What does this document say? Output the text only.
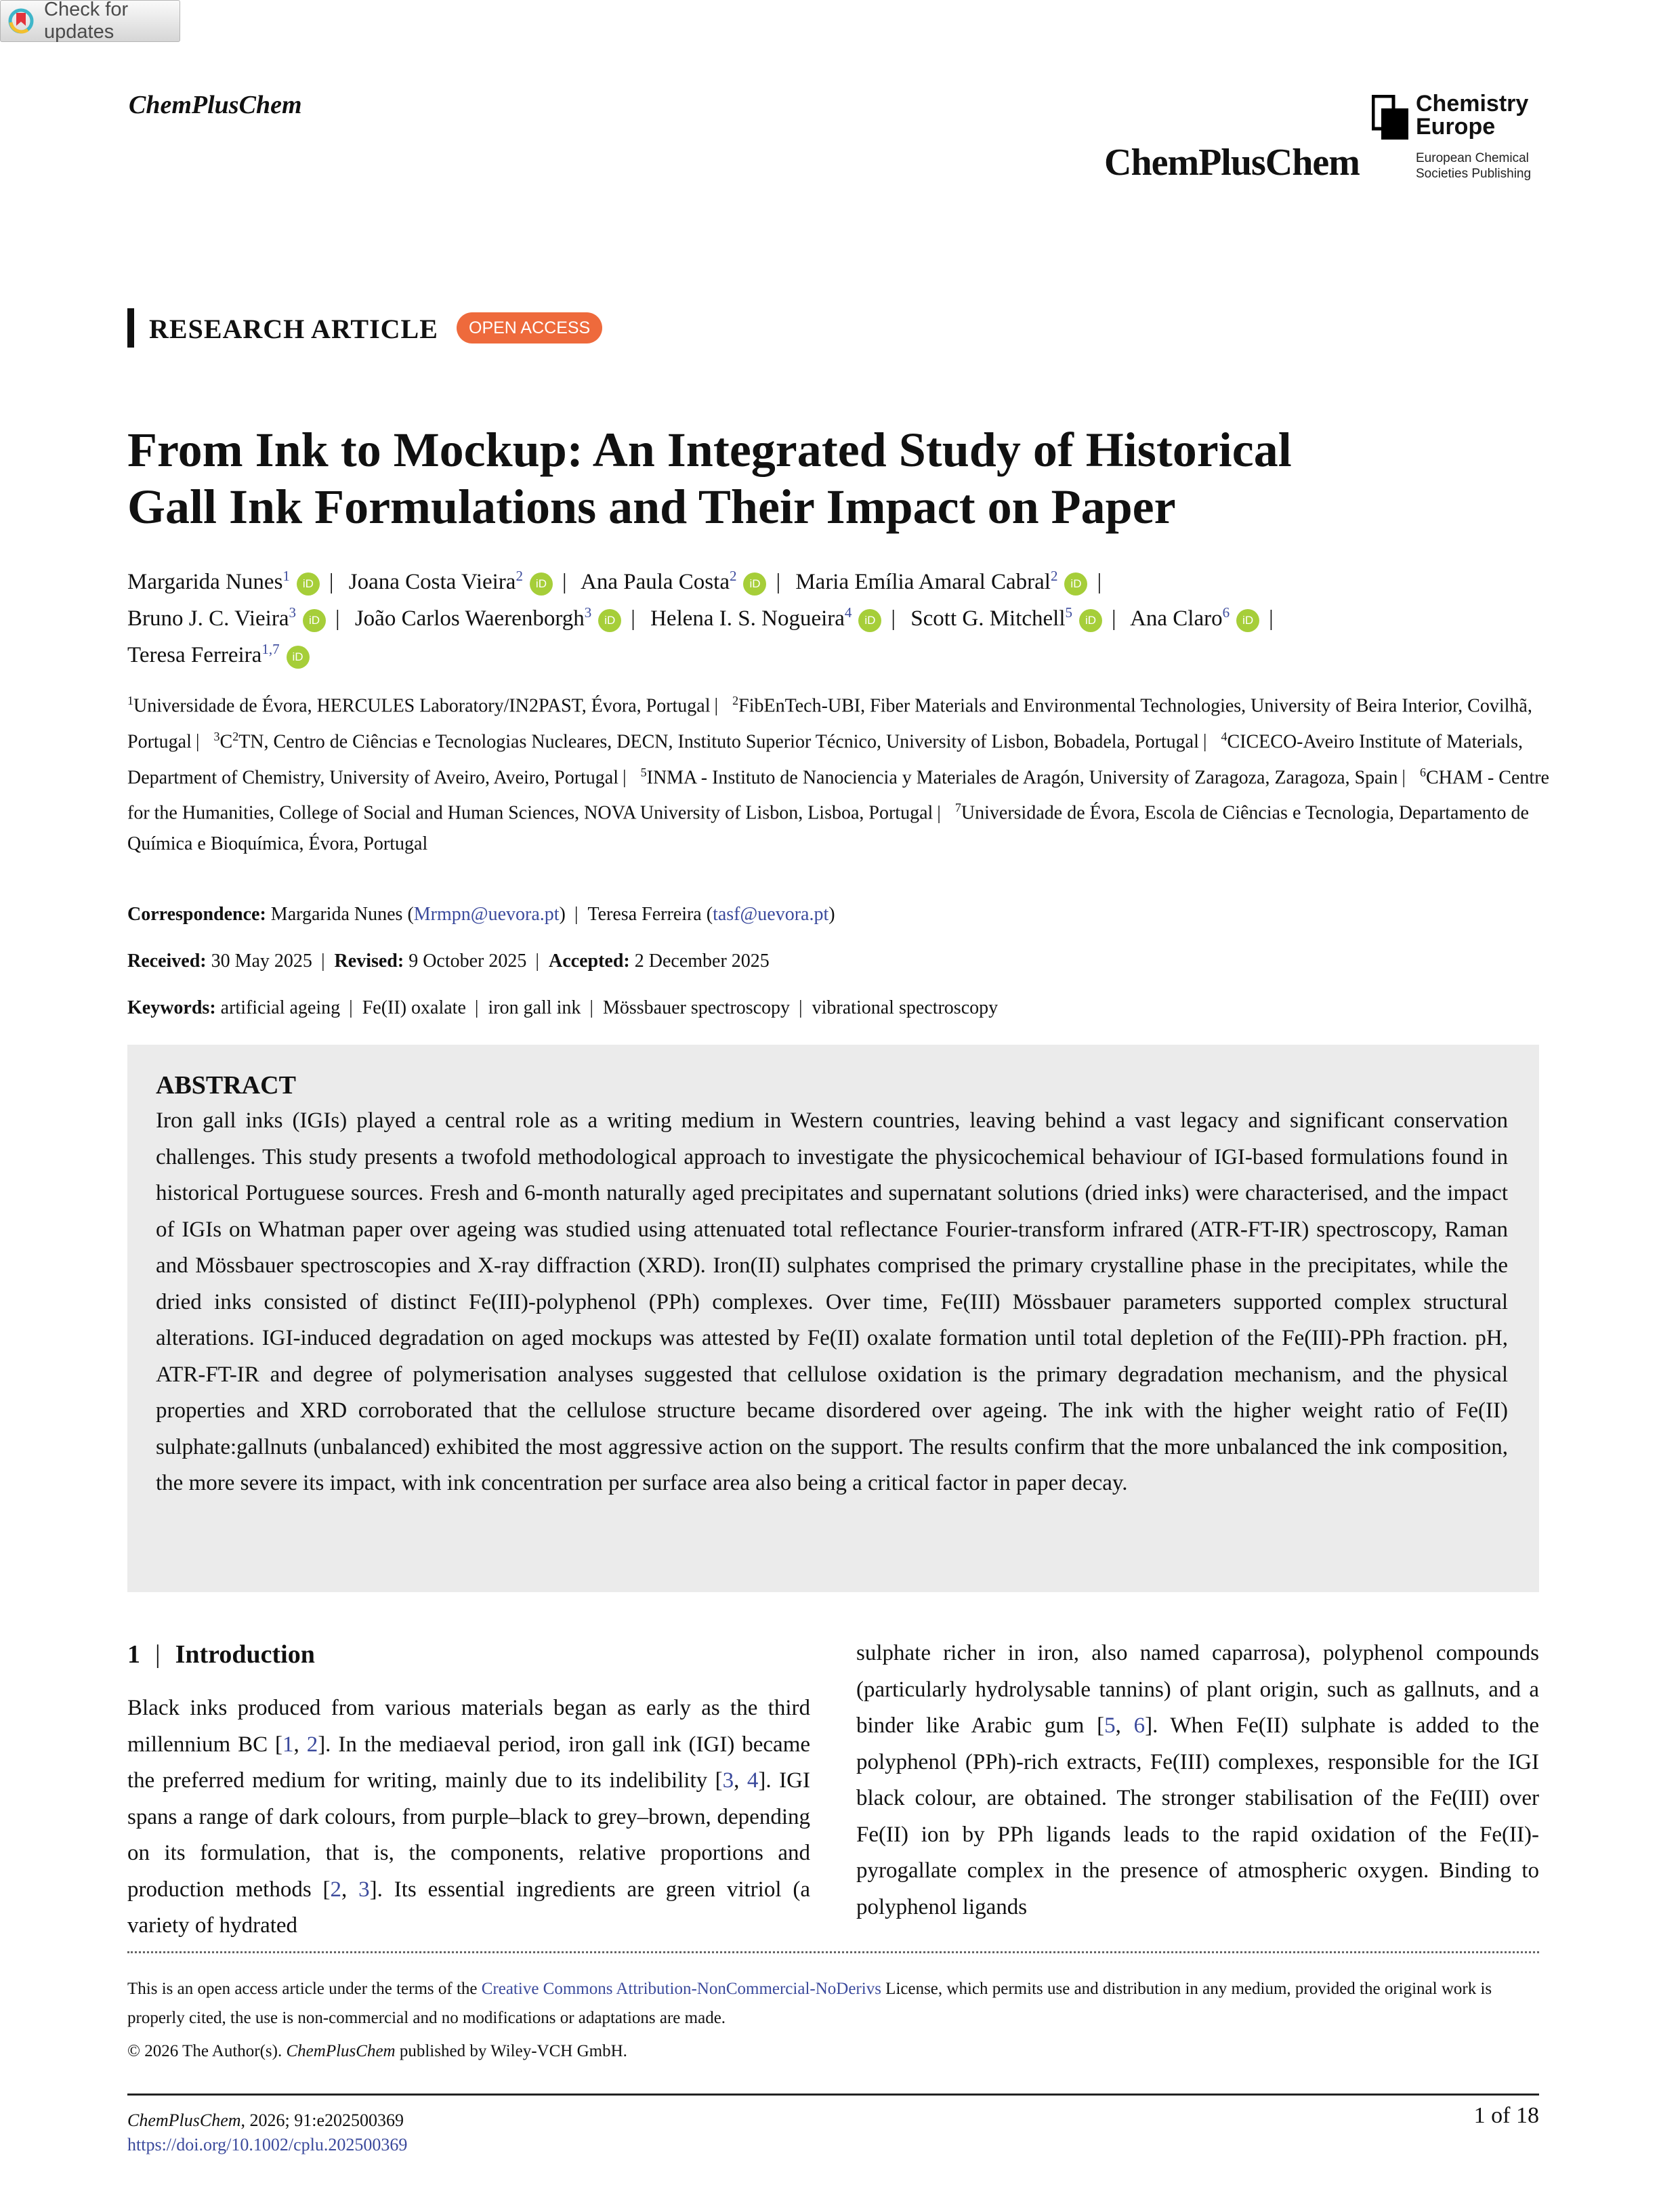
Check for updates
ChemPlusChem
ChemPlusChem
Chemistry
Europe
European Chemical
Societies Publishing
RESEARCH ARTICLE	OPEN ACCESS
From Ink to Mockup: An Integrated Study of Historical
Gall Ink Formulations and Their Impact on Paper
Margarida Nunes$^1$ iD | Joana Costa Vieira$^2$ iD | Ana Paula Costa$^2$ iD | Maria Emília Amaral Cabral$^2$ iD |
Bruno J. C. Vieira$^3$ iD | João Carlos Waerenborgh$^3$ iD | Helena I. S. Nogueira$^4$ iD | Scott G. Mitchell$^5$ iD | Ana Claro$^6$ iD |
Teresa Ferreira$^{1,7}$ iD
$^1$Universidade de Évora, HERCULES Laboratory/IN2PAST, Évora, Portugal | $^2$FibEnTech-UBI, Fiber Materials and Environmental Technologies, University of Beira Interior, Covilhã, Portugal | $^3C^2TN$, Centro de Ciências e Tecnologias Nucleares, DECN, Instituto Superior Técnico, University of Lisbon, Bobadela, Portugal | $^4$CICECO-Aveiro Institute of Materials, Department of Chemistry, University of Aveiro, Aveiro, Portugal | $^5$INMA - Instituto de Nanociencia y Materiales de Aragón, University of Zaragoza, Zaragoza, Spain | $^6$CHAM - Centre for the Humanities, College of Social and Human Sciences, NOVA University of Lisbon, Lisboa, Portugal | $^7$Universidade de Évora, Escola de Ciências e Tecnologia, Departamento de Química e Bioquímica, Évora, Portugal
Correspondence: Margarida Nunes (Mrmpn@uevora.pt) | Teresa Ferreira (tasf@uevora.pt)
Received: 30 May 2025 | Revised: 9 October 2025 | Accepted: 2 December 2025
Keywords: artificial ageing | Fe(II) oxalate | iron gall ink | Mössbauer spectroscopy | vibrational spectroscopy
ABSTRACT
Iron gall inks (IGIs) played a central role as a writing medium in Western countries, leaving behind a vast legacy and significant conservation challenges. This study presents a twofold methodological approach to investigate the physicochemical behaviour of IGI-based formulations found in historical Portuguese sources. Fresh and 6-month naturally aged precipitates and supernatant solutions (dried inks) were characterised, and the impact of IGIs on Whatman paper over ageing was studied using attenuated total reflectance Fourier-transform infrared (ATR-FT-IR) spectroscopy, Raman and Mössbauer spectroscopies and X-ray diffraction (XRD). Iron(II) sulphates comprised the primary crystalline phase in the precipitates, while the dried inks consisted of distinct Fe(III)-polyphenol (PPh) complexes. Over time, Fe(III) Mössbauer parameters supported complex structural alterations. IGI-induced degradation on aged mockups was attested by Fe(II) oxalate formation until total depletion of the Fe(III)-PPh fraction. pH, ATR-FT-IR and degree of polymerisation analyses suggested that cellulose oxidation is the primary degradation mechanism, and the physical properties and XRD corroborated that the cellulose structure became disordered over ageing. The ink with the higher weight ratio of Fe(II) sulphate:gallnuts (unbalanced) exhibited the most aggressive action on the support. The results confirm that the more unbalanced the ink composition, the more severe its impact, with ink concentration per surface area also being a critical factor in paper decay.
1 | Introduction
Black inks produced from various materials began as early as the third millennium BC [1, 2]. In the mediaeval period, iron gall ink (IGI) became the preferred medium for writing, mainly due to its indelibility [3, 4]. IGI spans a range of dark colours, from purple–black to grey–brown, depending on its formulation, that is, the components, relative proportions and production methods [2, 3]. Its essential ingredients are green vitriol (a variety of hydrated
sulphate richer in iron, also named caparrosa), polyphenol compounds (particularly hydrolysable tannins) of plant origin, such as gallnuts, and a binder like Arabic gum [5, 6]. When Fe(II) sulphate is added to the polyphenol (PPh)-rich extracts, Fe(III) complexes, responsible for the IGI black colour, are obtained. The stronger stabilisation of the Fe(III) over Fe(II) ion by PPh ligands leads to the rapid oxidation of the Fe(II)-pyrogallate complex in the presence of atmospheric oxygen. Binding to polyphenol ligands
This is an open access article under the terms of the Creative Commons Attribution-NonCommercial-NoDerivs License, which permits use and distribution in any medium, provided the original work is properly cited, the use is non-commercial and no modifications or adaptations are made.
© 2026 The Author(s). ChemPlusChem published by Wiley-VCH GmbH.
ChemPlusChem, 2026; 91:e202500369
https://doi.org/10.1002/cplu.202500369
1 of 18
